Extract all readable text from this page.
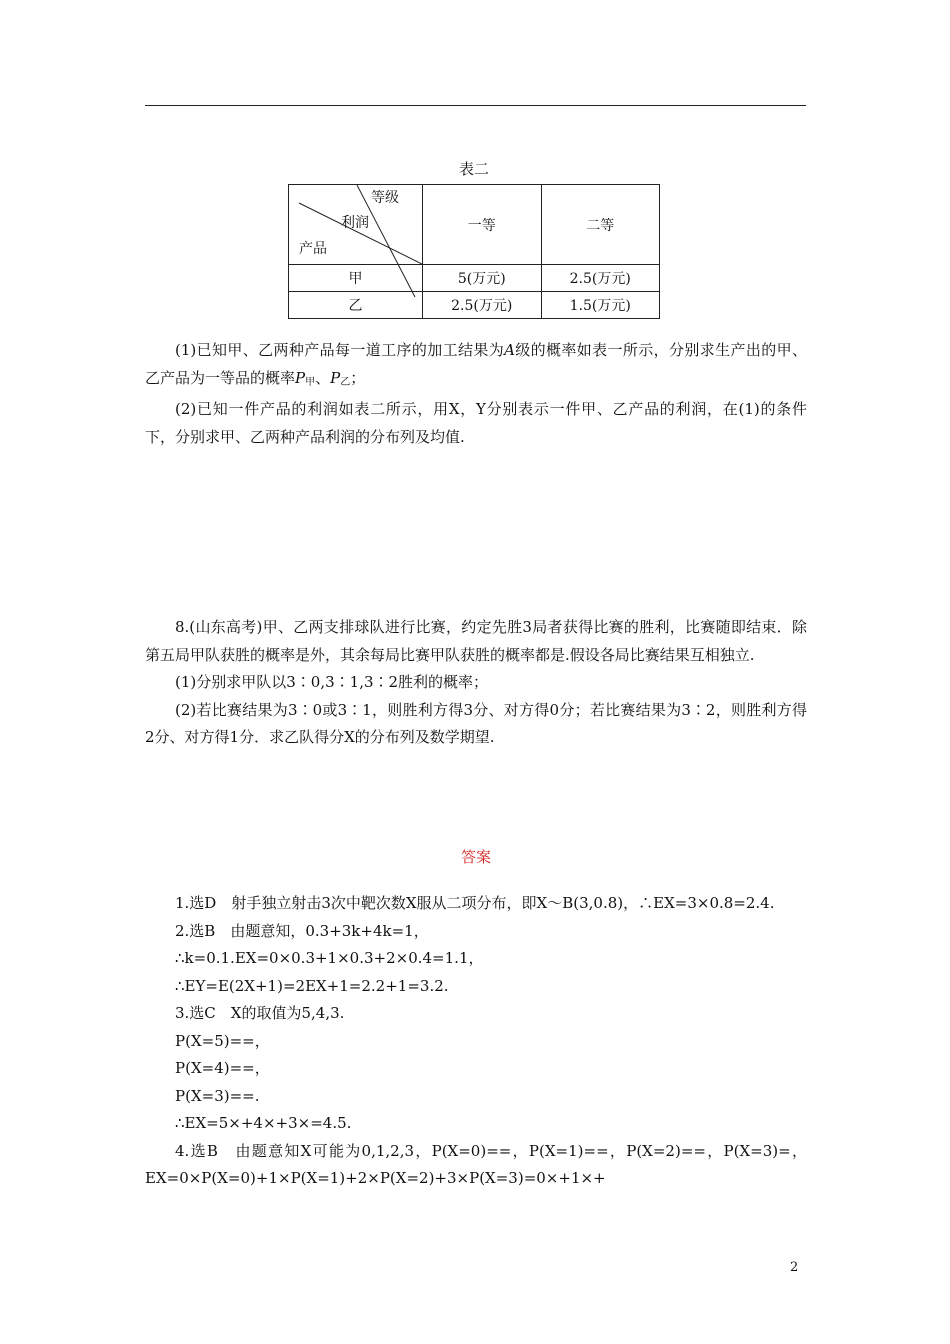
表二
等级
利润
产品	一等	二等
甲	5(万元)	2.5(万元)
乙	2.5(万元)	1.5(万元)

(1)已知甲、乙两种产品每一道工序的加工结果为A级的概率如表一所示，分别求生产出的甲、乙产品为一等品的概率$P_甲$、$P_乙$；

(2)已知一件产品的利润如表二所示，用X，Y分别表示一件甲、乙产品的利润，在(1)的条件下，分别求甲、乙两种产品利润的分布列及均值.

8.(山东高考)甲、乙两支排球队进行比赛，约定先胜3局者获得比赛的胜利，比赛随即结束．除第五局甲队获胜的概率是外，其余每局比赛甲队获胜的概率都是.假设各局比赛结果互相独立.

(1)分别求甲队以3∶0,3∶1,3∶2胜利的概率；

(2)若比赛结果为3∶0或3∶1，则胜利方得3分、对方得0分；若比赛结果为3∶2，则胜利方得2分、对方得1分．求乙队得分X的分布列及数学期望.

答案

1.选D　射手独立射击3次中靶次数X服从二项分布，即X～B(3,0.8)，∴EX=3×0.8=2.4.

2.选B　由题意知，0.3+3k+4k=1，

∴k=0.1.EX=0×0.3+1×0.3+2×0.4=1.1，

∴EY=E(2X+1)=2EX+1=2.2+1=3.2.

3.选C　X的取值为5,4,3.

P(X=5)==，

P(X=4)==，

P(X=3)==.

∴EX=5×+4×+3×=4.5.

4.选B　由题意知X可能为0,1,2,3，P(X=0)==，P(X=1)==，P(X=2)==，P(X=3)=，EX=0×P(X=0)+1×P(X=1)+2×P(X=2)+3×P(X=3)=0×+1×+

2
